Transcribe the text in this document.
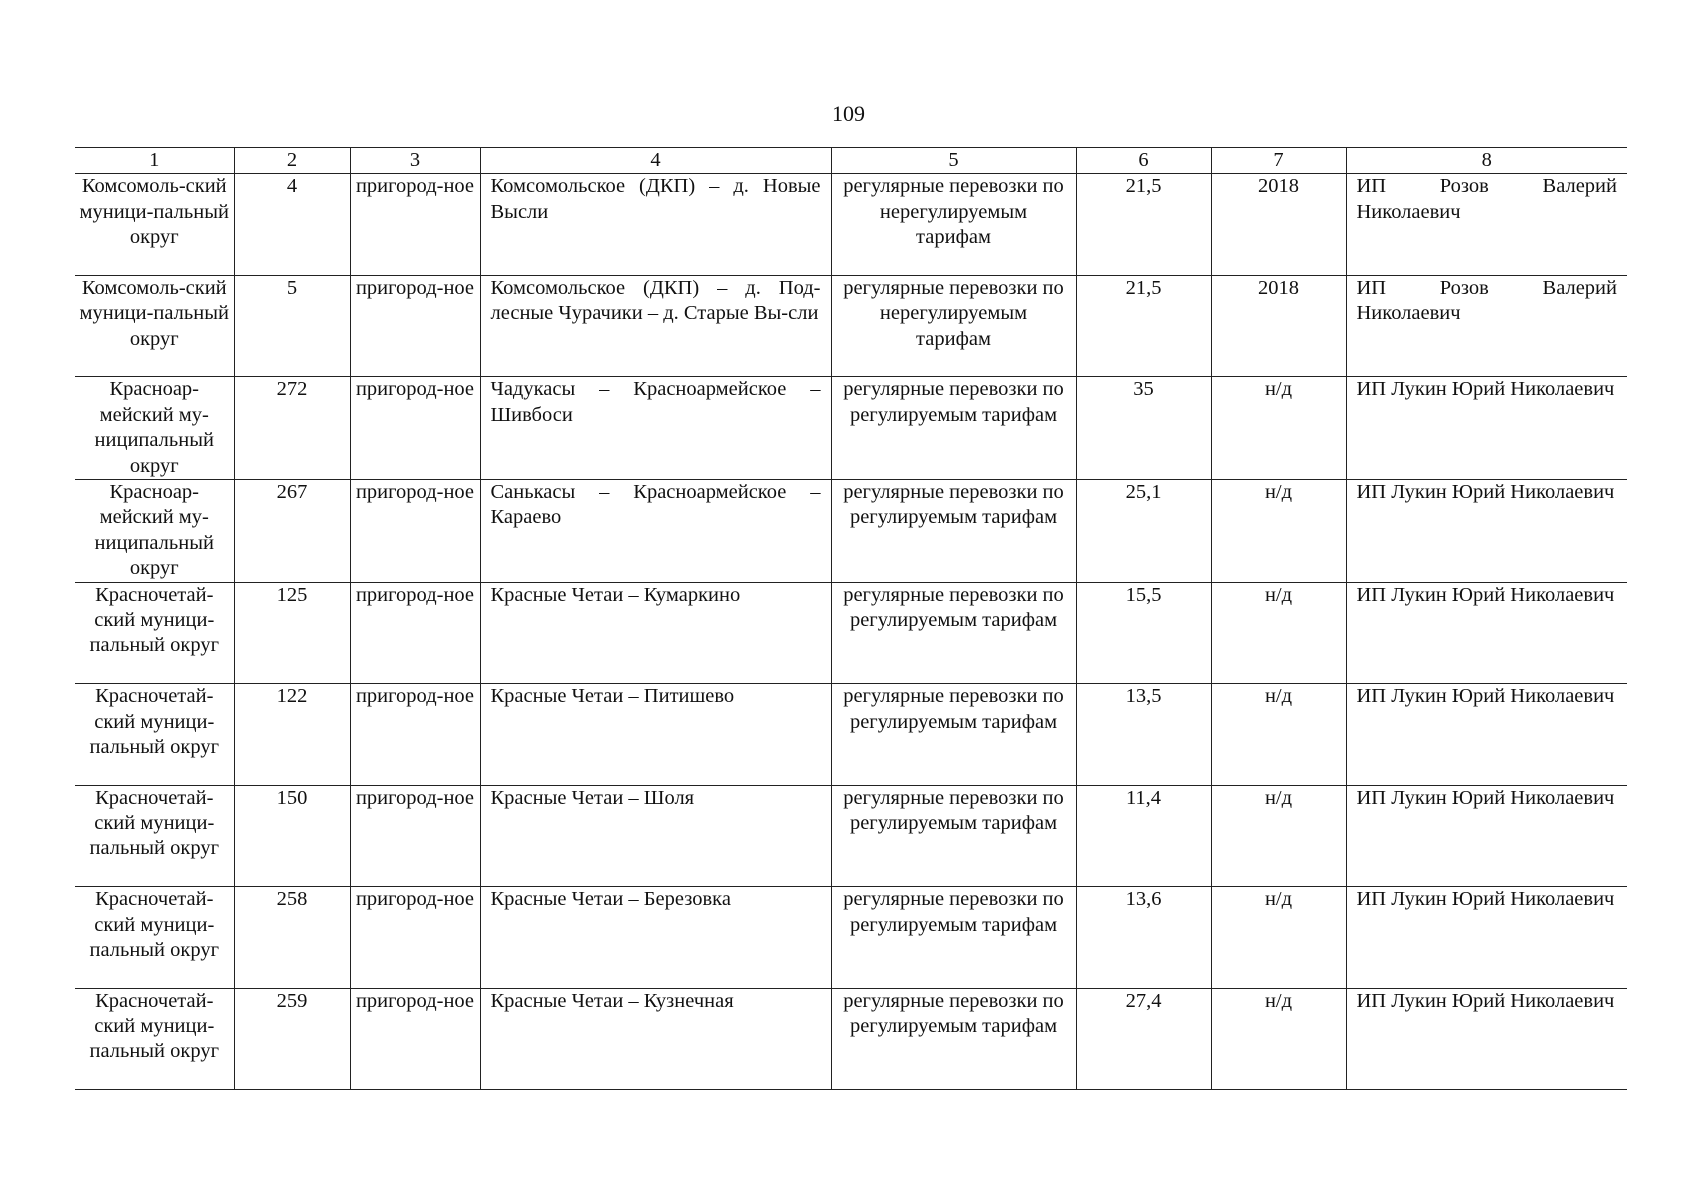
109
1	2	3	4	5	6	7	8
Комсомоль-ский муници-пальный округ	4	пригород-ное	Комсомольское (ДКП) – д. Новые Высли	регулярные перевозки по нерегулируемым тарифам	21,5	2018	ИП Розов Валерий Николаевич
Комсомоль-ский муници-пальный округ	5	пригород-ное	Комсомольское (ДКП) – д. Под-лесные Чурачики – д. Старые Вы-сли	регулярные перевозки по нерегулируемым тарифам	21,5	2018	ИП Розов Валерий Николаевич
Красноар-мейский му-ниципальный округ	272	пригород-ное	Чадукасы – Красноармейское – Шивбоси	регулярные перевозки по регулируемым тарифам	35	н/д	ИП Лукин Юрий Николаевич
Красноар-мейский му-ниципальный округ	267	пригород-ное	Санькасы – Красноармейское – Караево	регулярные перевозки по регулируемым тарифам	25,1	н/д	ИП Лукин Юрий Николаевич
Красночетай-ский муници-пальный округ	125	пригород-ное	Красные Четаи – Кумаркино	регулярные перевозки по регулируемым тарифам	15,5	н/д	ИП Лукин Юрий Николаевич
Красночетай-ский муници-пальный округ	122	пригород-ное	Красные Четаи – Питишево	регулярные перевозки по регулируемым тарифам	13,5	н/д	ИП Лукин Юрий Николаевич
Красночетай-ский муници-пальный округ	150	пригород-ное	Красные Четаи – Шоля	регулярные перевозки по регулируемым тарифам	11,4	н/д	ИП Лукин Юрий Николаевич
Красночетай-ский муници-пальный округ	258	пригород-ное	Красные Четаи – Березовка	регулярные перевозки по регулируемым тарифам	13,6	н/д	ИП Лукин Юрий Николаевич
Красночетай-ский муници-пальный округ	259	пригород-ное	Красные Четаи – Кузнечная	регулярные перевозки по регулируемым тарифам	27,4	н/д	ИП Лукин Юрий Николаевич
